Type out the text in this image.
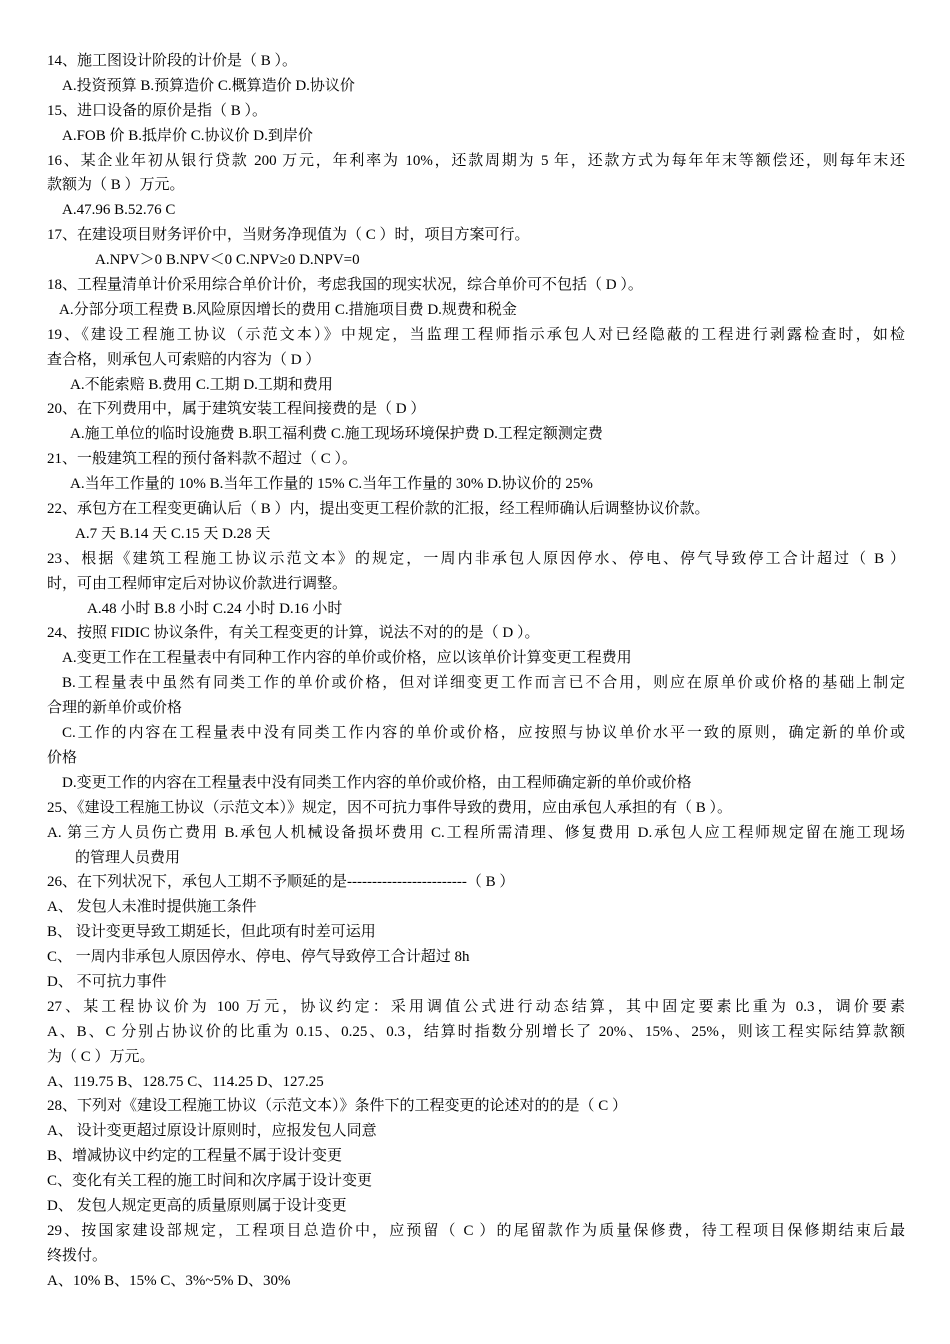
14、施工图设计阶段的计价是（ B ）。
A.投资预算 B.预算造价 C.概算造价 D.协议价
15、进口设备的原价是指（ B ）。
A.FOB 价 B.抵岸价 C.协议价 D.到岸价
16、某企业年初从银行贷款 200 万元，年利率为 10%，还款周期为 5 年，还款方式为每年年末等额偿还，则每年末还
款额为（ B ）万元。
A.47.96 B.52.76 C
17、在建设项目财务评价中，当财务净现值为（ C ）时，项目方案可行。
A.NPV＞0 B.NPV＜0 C.NPV≥0 D.NPV=0
18、工程量清单计价采用综合单价计价，考虑我国的现实状况，综合单价可不包括（ D ）。
A.分部分项工程费 B.风险原因增长的费用 C.措施项目费 D.规费和税金
19、《建设工程施工协议（示范文本）》中规定，当监理工程师指示承包人对已经隐蔽的工程进行剥露检查时，如检
查合格，则承包人可索赔的内容为（ D ）
A.不能索赔 B.费用 C.工期 D.工期和费用
20、在下列费用中，属于建筑安装工程间接费的是（ D ）
A.施工单位的临时设施费 B.职工福利费 C.施工现场环境保护费 D.工程定额测定费
21、一般建筑工程的预付备料款不超过（ C ）。
A.当年工作量的 10% B.当年工作量的 15% C.当年工作量的 30% D.协议价的 25%
22、承包方在工程变更确认后（ B ）内，提出变更工程价款的汇报，经工程师确认后调整协议价款。
A.7 天 B.14 天 C.15 天 D.28 天
23、根据《建筑工程施工协议示范文本》的规定，一周内非承包人原因停水、停电、停气导致停工合计超过（ B ）
时，可由工程师审定后对协议价款进行调整。
A.48 小时 B.8 小时 C.24 小时 D.16 小时
24、按照 FIDIC 协议条件，有关工程变更的计算，说法不对的的是（ D ）。
A.变更工作在工程量表中有同种工作内容的单价或价格，应以该单价计算变更工程费用
B.工程量表中虽然有同类工作的单价或价格，但对详细变更工作而言已不合用，则应在原单价或价格的基础上制定
合理的新单价或价格
C.工作的内容在工程量表中没有同类工作内容的单价或价格，应按照与协议单价水平一致的原则，确定新的单价或
价格
D.变更工作的内容在工程量表中没有同类工作内容的单价或价格，由工程师确定新的单价或价格
25、《建设工程施工协议（示范文本）》规定，因不可抗力事件导致的费用，应由承包人承担的有（ B ）。
A. 第三方人员伤亡费用 B.承包人机械设备损坏费用 C.工程所需清理、修复费用 D.承包人应工程师规定留在施工现场
的管理人员费用
26、在下列状况下，承包人工期不予顺延的是------------------------（ B ）
A、 发包人未准时提供施工条件
B、 设计变更导致工期延长，但此项有时差可运用
C、 一周内非承包人原因停水、停电、停气导致停工合计超过 8h
D、 不可抗力事件
27、某工程协议价为 100 万元，协议约定：采用调值公式进行动态结算，其中固定要素比重为 0.3，调价要素
A、B、C 分别占协议价的比重为 0.15、0.25、0.3，结算时指数分别增长了 20%、15%、25%，则该工程实际结算款额
为（ C ）万元。
A、119.75 B、128.75 C、114.25 D、127.25
28、下列对《建设工程施工协议（示范文本）》条件下的工程变更的论述对的的是（ C ）
A、 设计变更超过原设计原则时，应报发包人同意
B、增减协议中约定的工程量不属于设计变更
C、变化有关工程的施工时间和次序属于设计变更
D、 发包人规定更高的质量原则属于设计变更
29、按国家建设部规定，工程项目总造价中，应预留（ C ）的尾留款作为质量保修费，待工程项目保修期结束后最
终拨付。
A、10% B、15% C、3%~5% D、30%
